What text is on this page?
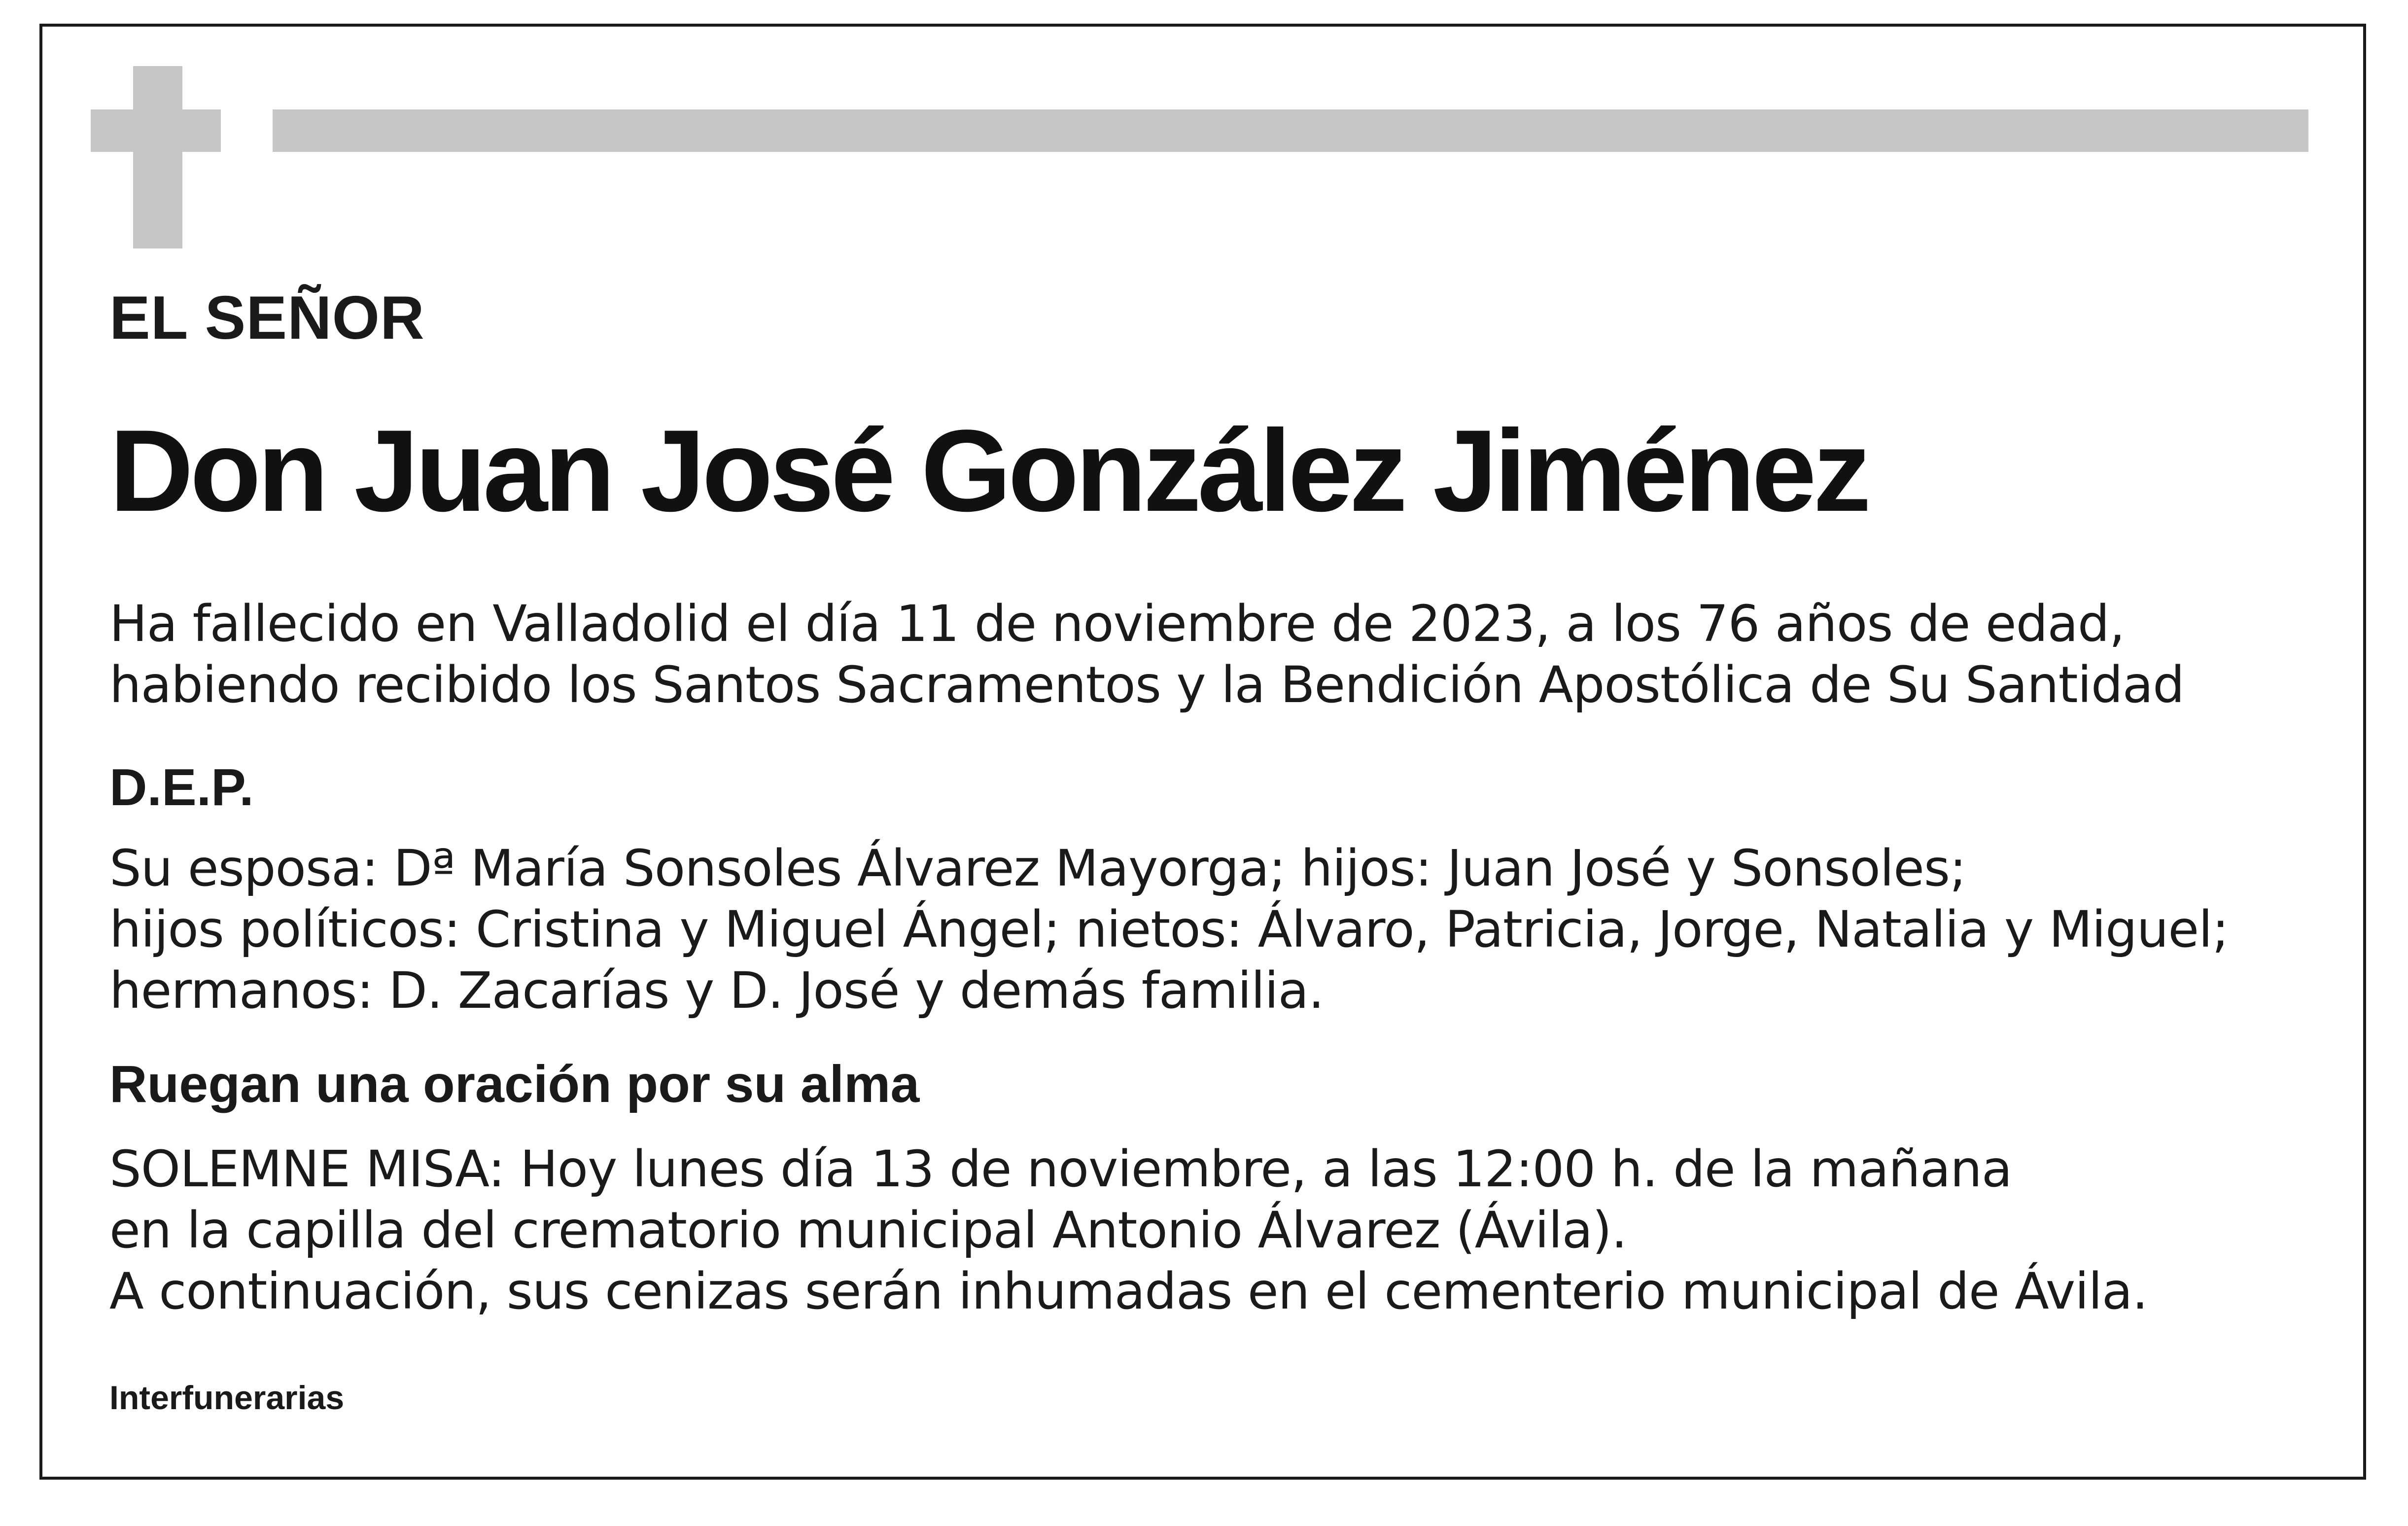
EL SEÑOR

Don Juan José González Jiménez

Ha fallecido en Valladolid el día 11 de noviembre de 2023, a los 76 años de edad,
habiendo recibido los Santos Sacramentos y la Bendición Apostólica de Su Santidad

D.E.P.

Su esposa: Dª María Sonsoles Álvarez Mayorga; hijos: Juan José y Sonsoles;
hijos políticos: Cristina y Miguel Ángel; nietos: Álvaro, Patricia, Jorge, Natalia y Miguel;
hermanos: D. Zacarías y D. José y demás familia.

Ruegan una oración por su alma

SOLEMNE MISA: Hoy lunes día 13 de noviembre, a las 12:00 h. de la mañana
en la capilla del crematorio municipal Antonio Álvarez (Ávila).
A continuación, sus cenizas serán inhumadas en el cementerio municipal de Ávila.

Interfunerarias
